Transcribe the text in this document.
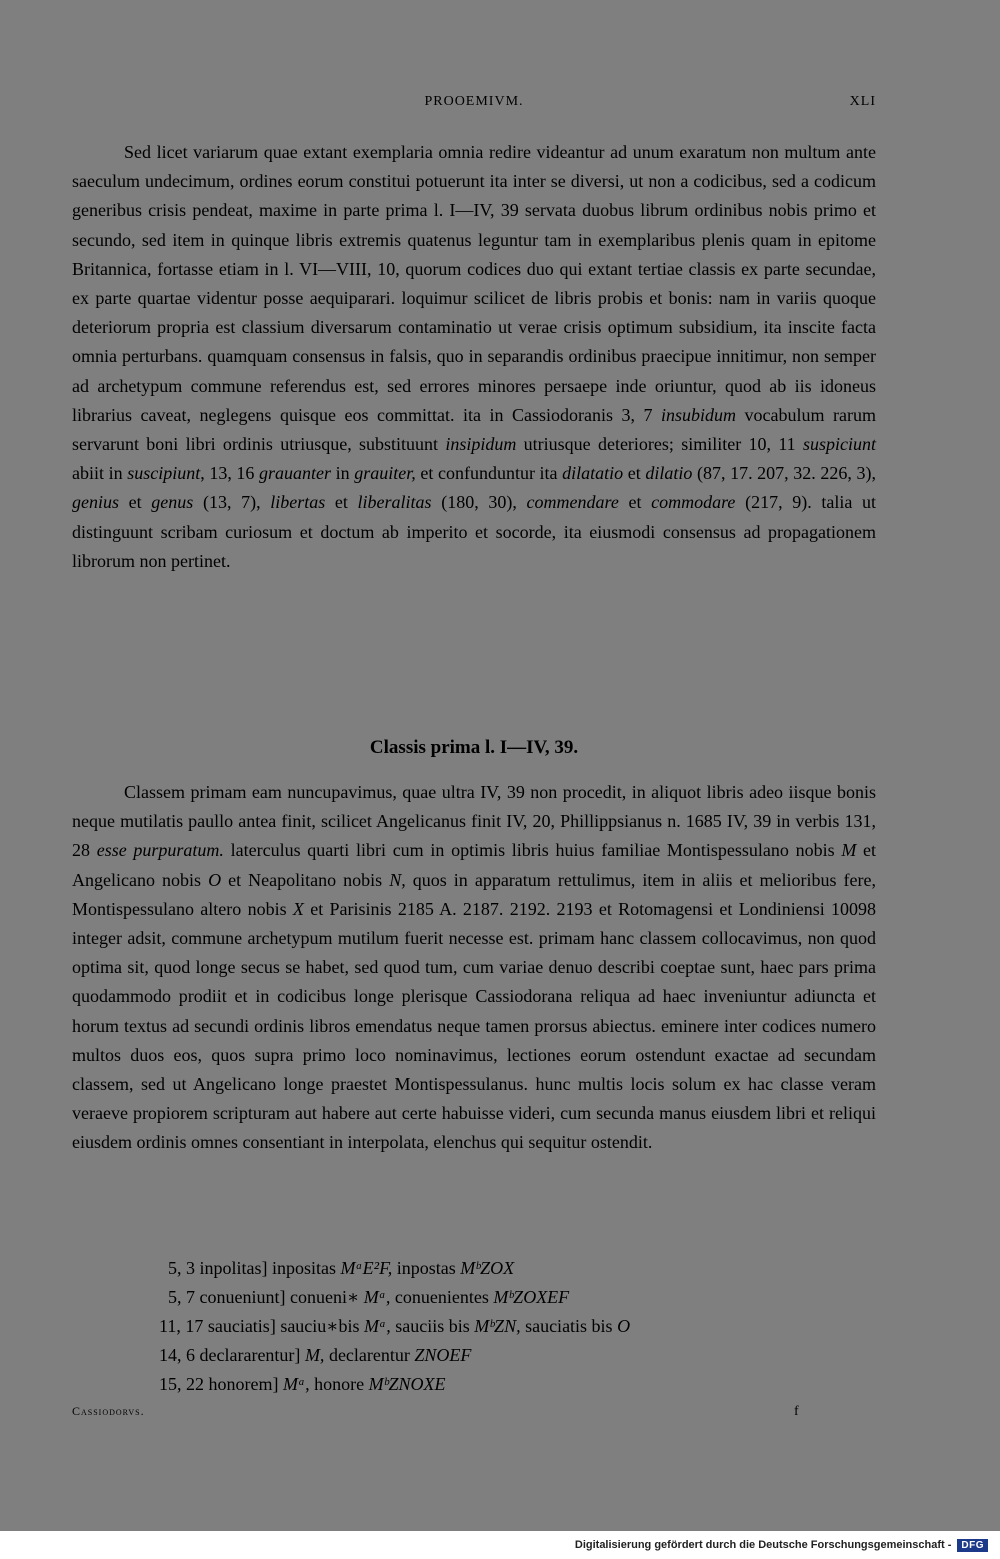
PROOEMIVM.	XLI

Sed licet variarum quae extant exemplaria omnia redire videantur ad unum exaratum non multum ante saeculum undecimum, ordines eorum constitui potuerunt ita inter se diversi, ut non a codicibus, sed a codicum generibus crisis pendeat, maxime in parte prima l. I—IV, 39 servata duobus librum ordinibus nobis primo et secundo, sed item in quinque libris extremis quatenus leguntur tam in exemplaribus plenis quam in epitome Britannica, fortasse etiam in l. VI—VIII, 10, quorum codices duo qui extant tertiae classis ex parte secundae, ex parte quartae videntur posse aequiparari. loquimur scilicet de libris probis et bonis: nam in variis quoque deteriorum propria est classium diversarum contaminatio ut verae crisis optimum subsidium, ita inscite facta omnia perturbans. quamquam consensus in falsis, quo in separandis ordinibus praecipue innitimur, non semper ad archetypum commune referendus est, sed errores minores persaepe inde oriuntur, quod ab iis idoneus librarius caveat, neglegens quisque eos committat. ita in Cassiodoranis 3, 7 insubidum vocabulum rarum servarunt boni libri ordinis utriusque, substituunt insipidum utriusque deteriores; similiter 10, 11 suspiciunt abiit in suscipiunt, 13, 16 grauanter in grauiter, et confunduntur ita dilatatio et dilatio (87, 17. 207, 32. 226, 3), genius et genus (13, 7), libertas et liberalitas (180, 30), commendare et commodare (217, 9). talia ut distinguunt scribam curiosum et doctum ab imperito et socorde, ita eiusmodi consensus ad propagationem librorum non pertinet.

Classis prima l. I—IV, 39.

Classem primam eam nuncupavimus, quae ultra IV, 39 non procedit, in aliquot libris adeo iisque bonis neque mutilatis paullo antea finit, scilicet Angelicanus finit IV, 20, Phillippsianus n. 1685 IV, 39 in verbis 131, 28 esse purpuratum. laterculus quarti libri cum in optimis libris huius familiae Montispessulano nobis M et Angelicano nobis O et Neapolitano nobis N, quos in apparatum rettulimus, item in aliis et melioribus fere, Montispessulano altero nobis X et Parisinis 2185 A. 2187. 2192. 2193 et Rotomagensi et Londiniensi 10098 integer adsit, commune archetypum mutilum fuerit necesse est. primam hanc classem collocavimus, non quod optima sit, quod longe secus se habet, sed quod tum, cum variae denuo describi coeptae sunt, haec pars prima quodammodo prodiit et in codicibus longe plerisque Cassiodorana reliqua ad haec inveniuntur adiuncta et horum textus ad secundi ordinis libros emendatus neque tamen prorsus abiectus. eminere inter codices numero multos duos eos, quos supra primo loco nominavimus, lectiones eorum ostendunt exactae ad secundam classem, sed ut Angelicano longe praestet Montispessulanus. hunc multis locis solum ex hac classe veram veraeve propiorem scripturam aut habere aut certe habuisse videri, cum secunda manus eiusdem libri et reliqui eiusdem ordinis omnes consentiant in interpolata, elenchus qui sequitur ostendit.

5, 3 inpolitas] inpositas MᵃE²F, inpostas MᵇZOX
5, 7 conueniunt] conueni∗ Mᵃ, conuenientes MᵇZOXEF
11, 17 sauciatis] sauciu∗bis Mᵃ, sauciis bis MᵇZN, sauciatis bis O
14, 6 declararentur] M, declarentur ZNOEF
15, 22 honorem] Mᵃ, honore MᵇZNOXE
Cassiodorvs.	f
Digitalisierung gefördert durch die Deutsche Forschungsgemeinschaft -	DFG
